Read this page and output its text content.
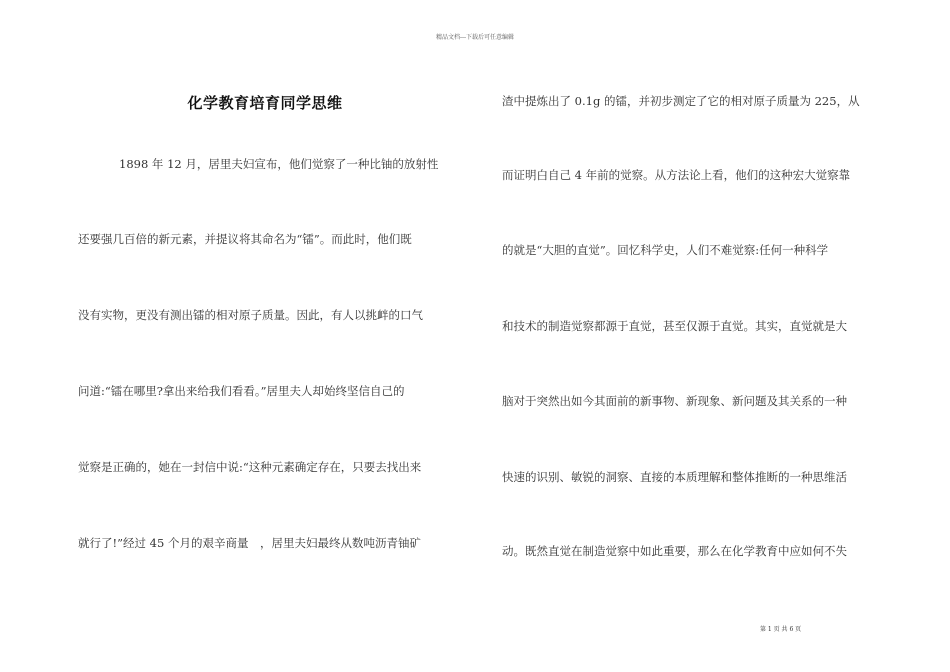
精品文档---下载后可任意编辑
化学教育培育同学思维
1898 年 12 月，居里夫妇宣布，他们觉察了一种比铀的放射性
还要强几百倍的新元素，并提议将其命名为“镭”。而此时，他们既
没有实物，更没有测出镭的相对原子质量。因此，有人以挑衅的口气
问道:“镭在哪里?拿出来给我们看看。”居里夫人却始终坚信自己的
觉察是正确的，她在一封信中说:“这种元素确定存在，只要去找出来
就行了!”经过 45 个月的艰辛商量　，居里夫妇最终从数吨沥青铀矿
渣中提炼出了 0.1g 的镭，并初步测定了它的相对原子质量为 225，从
而证明白自己 4 年前的觉察。从方法论上看，他们的这种宏大觉察靠
的就是“大胆的直觉”。回忆科学史，人们不难觉察:任何一种科学
和技术的制造觉察都源于直觉，甚至仅源于直觉。其实，直觉就是大
脑对于突然出如今其面前的新事物、新现象、新问题及其关系的一种
快速的识别、敏锐的洞察、直接的本质理解和整体推断的一种思维活
动。既然直觉在制造觉察中如此重要，那么在化学教育中应如何不失
第 1 页 共 6 页
